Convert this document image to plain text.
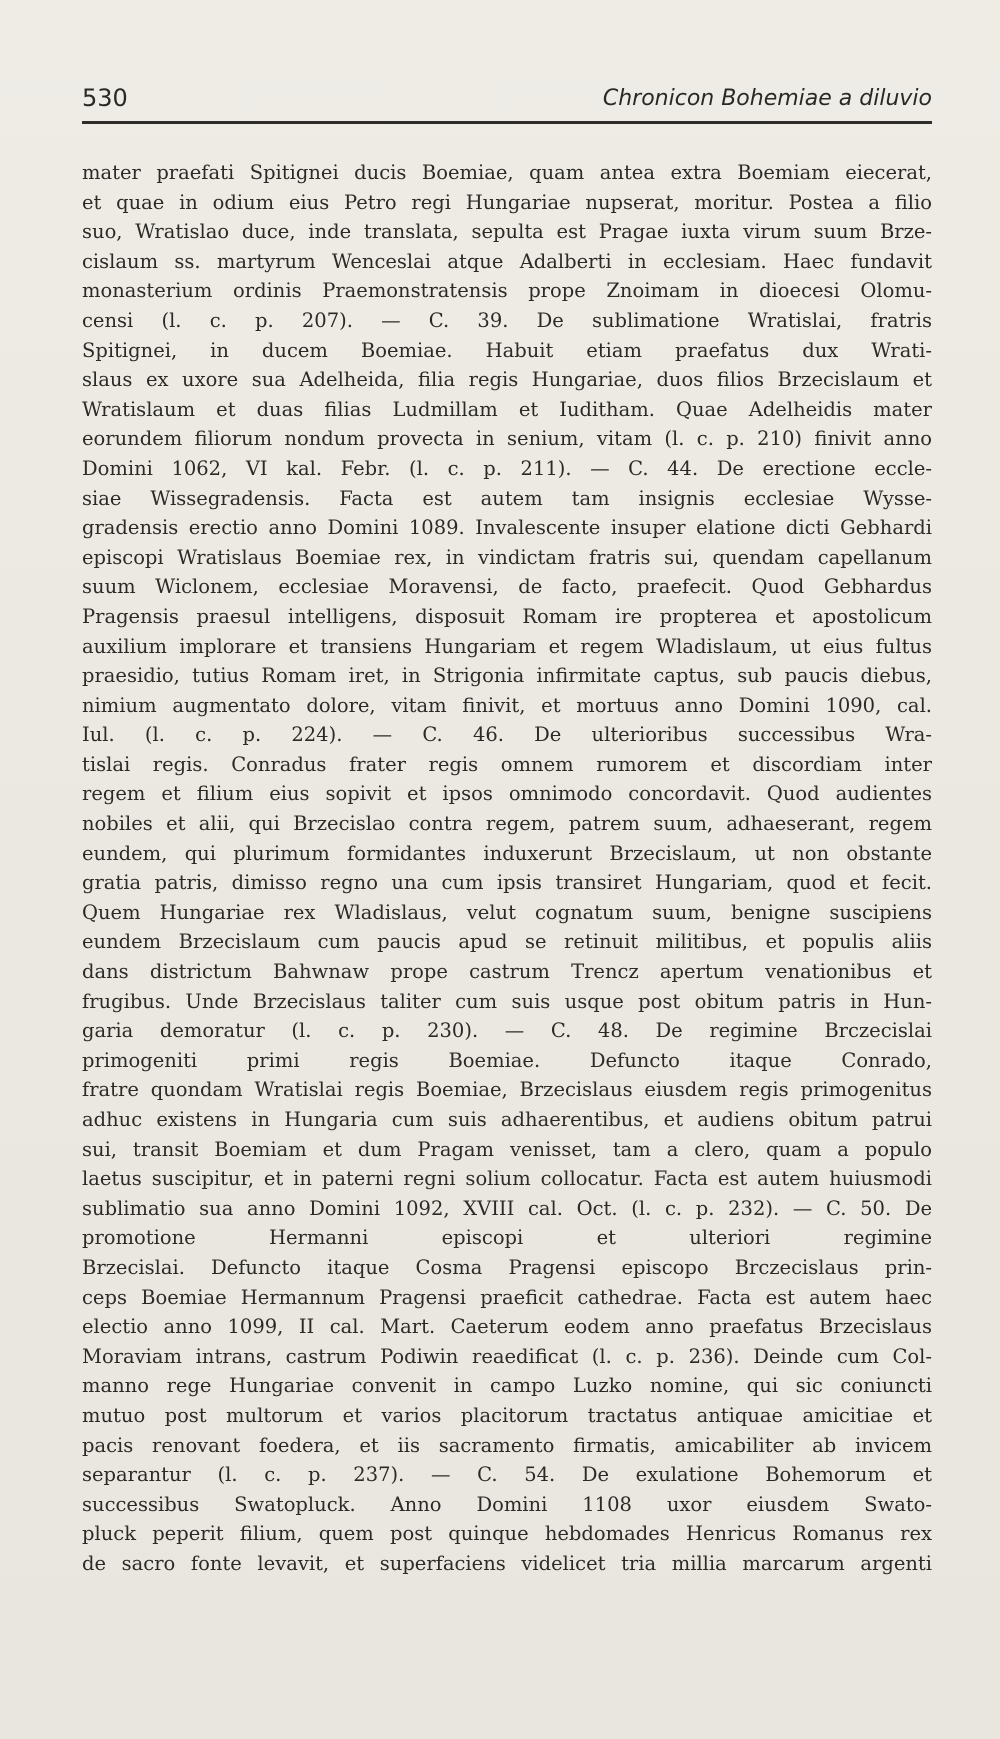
530	Chronicon Bohemiae a diluvio
mater praefati Spitignei ducis Boemiae, quam antea extra Boemiam eiecerat,
et quae in odium eius Petro regi Hungariae nupserat, moritur. Postea a filio
suo, Wratislao duce, inde translata, sepulta est Pragae iuxta virum suum Brze-
cislaum ss. martyrum Wenceslai atque Adalberti in ecclesiam. Haec fundavit
monasterium ordinis Praemonstratensis prope Znoimam in dioecesi Olomu-
censi (l. c. p. 207). — C. 39. De sublimatione Wratislai, fratris
Spitignei, in ducem Boemiae. Habuit etiam praefatus dux Wrati-
slaus ex uxore sua Adelheida, filia regis Hungariae, duos filios Brzecislaum et
Wratislaum et duas filias Ludmillam et Iuditham. Quae Adelheidis mater
eorundem filiorum nondum provecta in senium, vitam (l. c. p. 210) finivit anno
Domini 1062, VI kal. Febr. (l. c. p. 211). — C. 44. De erectione eccle-
siae Wissegradensis. Facta est autem tam insignis ecclesiae Wysse-
gradensis erectio anno Domini 1089. Invalescente insuper elatione dicti Gebhardi
episcopi Wratislaus Boemiae rex, in vindictam fratris sui, quendam capellanum
suum Wiclonem, ecclesiae Moravensi, de facto, praefecit. Quod Gebhardus
Pragensis praesul intelligens, disposuit Romam ire propterea et apostolicum
auxilium implorare et transiens Hungariam et regem Wladislaum, ut eius fultus
praesidio, tutius Romam iret, in Strigonia infirmitate captus, sub paucis diebus,
nimium augmentato dolore, vitam finivit, et mortuus anno Domini 1090, cal.
Iul. (l. c. p. 224). — C. 46. De ulterioribus successibus Wra-
tislai regis. Conradus frater regis omnem rumorem et discordiam inter
regem et filium eius sopivit et ipsos omnimodo concordavit. Quod audientes
nobiles et alii, qui Brzecislao contra regem, patrem suum, adhaeserant, regem
eundem, qui plurimum formidantes induxerunt Brzecislaum, ut non obstante
gratia patris, dimisso regno una cum ipsis transiret Hungariam, quod et fecit.
Quem Hungariae rex Wladislaus, velut cognatum suum, benigne suscipiens
eundem Brzecislaum cum paucis apud se retinuit militibus, et populis aliis
dans districtum Bahwnaw prope castrum Trencz apertum venationibus et
frugibus. Unde Brzecislaus taliter cum suis usque post obitum patris in Hun-
garia demoratur (l. c. p. 230). — C. 48. De regimine Brczecislai
primogeniti primi regis Boemiae. Defuncto itaque Conrado,
fratre quondam Wratislai regis Boemiae, Brzecislaus eiusdem regis primogenitus
adhuc existens in Hungaria cum suis adhaerentibus, et audiens obitum patrui
sui, transit Boemiam et dum Pragam venisset, tam a clero, quam a populo
laetus suscipitur, et in paterni regni solium collocatur. Facta est autem huiusmodi
sublimatio sua anno Domini 1092, XVIII cal. Oct. (l. c. p. 232). — C. 50. De
promotione Hermanni episcopi et ulteriori regimine
Brzecislai. Defuncto itaque Cosma Pragensi episcopo Brczecislaus prin-
ceps Boemiae Hermannum Pragensi praeficit cathedrae. Facta est autem haec
electio anno 1099, II cal. Mart. Caeterum eodem anno praefatus Brzecislaus
Moraviam intrans, castrum Podiwin reaedificat (l. c. p. 236). Deinde cum Col-
manno rege Hungariae convenit in campo Luzko nomine, qui sic coniuncti
mutuo post multorum et varios placitorum tractatus antiquae amicitiae et
pacis renovant foedera, et iis sacramento firmatis, amicabiliter ab invicem
separantur (l. c. p. 237). — C. 54. De exulatione Bohemorum et
successibus Swatopluck. Anno Domini 1108 uxor eiusdem Swato-
pluck peperit filium, quem post quinque hebdomades Henricus Romanus rex
de sacro fonte levavit, et superfaciens videlicet tria millia marcarum argenti
